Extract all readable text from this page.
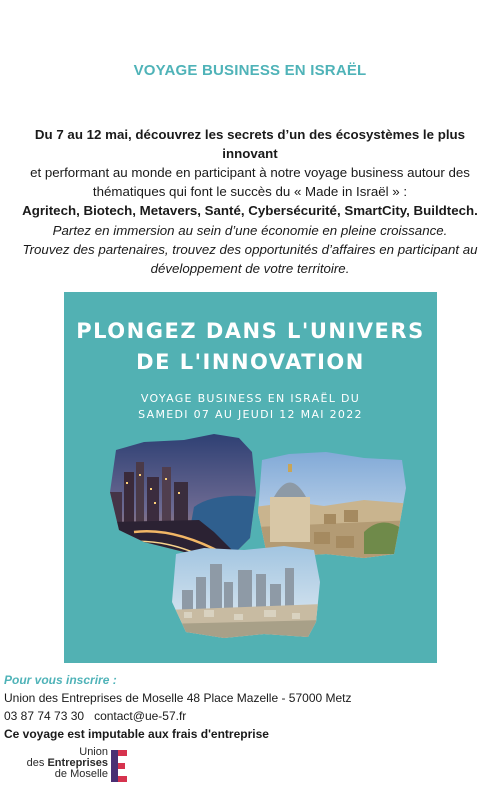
VOYAGE BUSINESS EN ISRAËL
Du 7 au 12 mai, découvrez les secrets d’un des écosystèmes le plus innovant
et performant au monde en participant à notre voyage business autour des
thématiques qui font le succès du « Made in Israël » :
Agritech, Biotech, Metavers, Santé, Cybersécurité, SmartCity, Buildtech.
Partez en immersion au sein d’une économie en pleine croissance.
Trouvez des partenaires, trouvez des opportunités d’affaires en participant au
développement de votre territoire.
PLONGEZ DANS L'UNIVERS
DE L'INNOVATION
VOYAGE BUSINESS EN ISRAËL DU
SAMEDI 07 AU JEUDI 12 MAI 2022
Pour vous inscrire :
Union des Entreprises de Moselle 48 Place Mazelle - 57000 Metz
03 87 74 73 30 contact@ue-57.fr
Ce voyage est imputable aux frais d'entreprise
Union
des Entreprises
de Moselle
